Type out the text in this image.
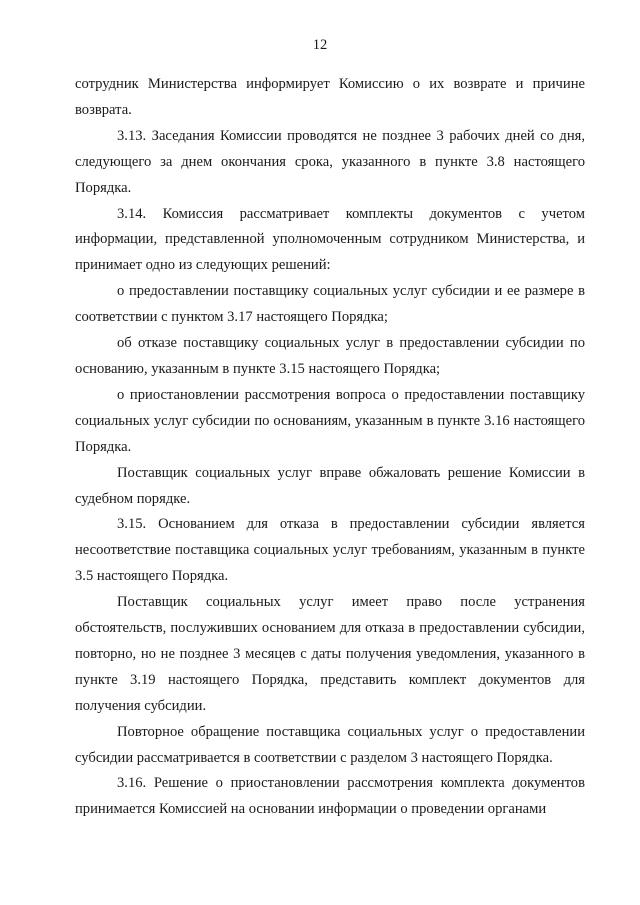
12

сотрудник Министерства информирует Комиссию о их возврате и причине возврата.

3.13. Заседания Комиссии проводятся не позднее 3 рабочих дней со дня, следующего за днем окончания срока, указанного в пункте 3.8 настоящего Порядка.

3.14. Комиссия рассматривает комплекты документов с учетом информации, представленной уполномоченным сотрудником Министерства, и принимает одно из следующих решений:

о предоставлении поставщику социальных услуг субсидии и ее размере в соответствии с пунктом 3.17 настоящего Порядка;

об отказе поставщику социальных услуг в предоставлении субсидии по основанию, указанным в пункте 3.15 настоящего Порядка;

о приостановлении рассмотрения вопроса о предоставлении поставщику социальных услуг субсидии по основаниям, указанным в пункте 3.16 настоящего Порядка.

Поставщик социальных услуг вправе обжаловать решение Комиссии в судебном порядке.

3.15. Основанием для отказа в предоставлении субсидии является несоответствие поставщика социальных услуг требованиям, указанным в пункте 3.5 настоящего Порядка.

Поставщик социальных услуг имеет право после устранения обстоятельств, послуживших основанием для отказа в предоставлении субсидии, повторно, но не позднее 3 месяцев с даты получения уведомления, указанного в пункте 3.19 настоящего Порядка, представить комплект документов для получения субсидии.

Повторное обращение поставщика социальных услуг о предоставлении субсидии рассматривается в соответствии с разделом 3 настоящего Порядка.

3.16. Решение о приостановлении рассмотрения комплекта документов принимается Комиссией на основании информации о проведении органами
